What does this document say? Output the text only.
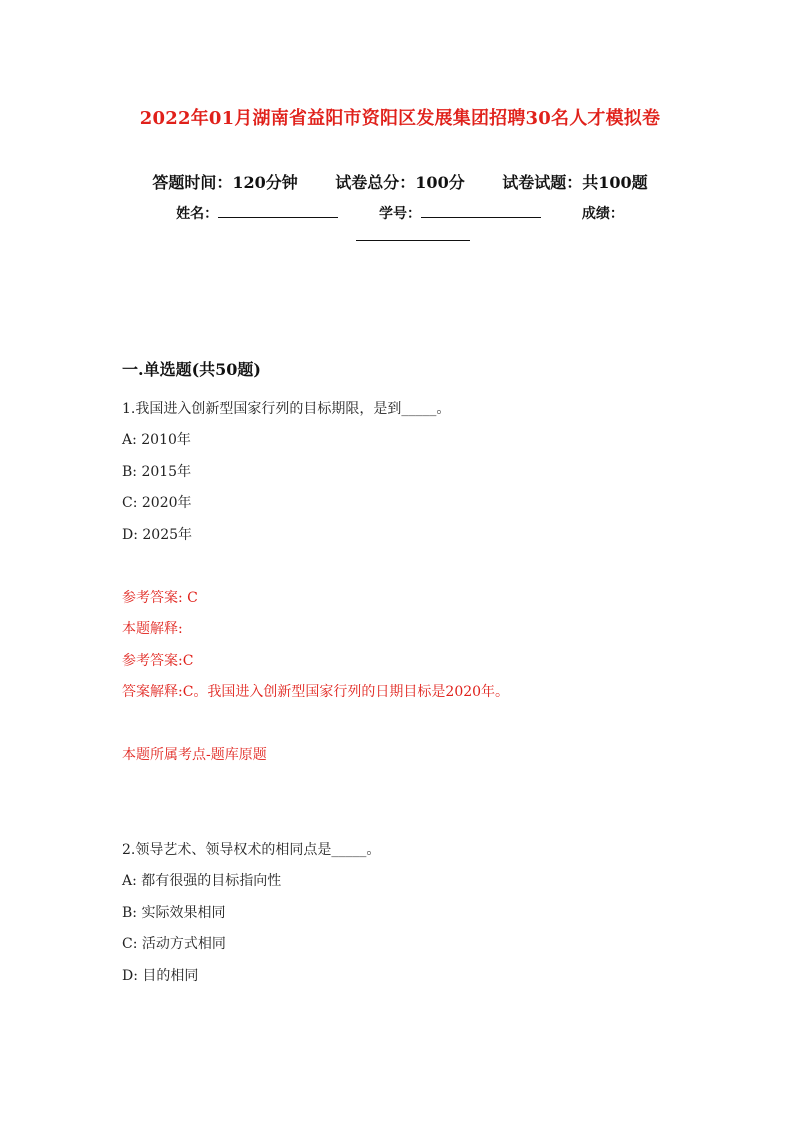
2022年01月湖南省益阳市资阳区发展集团招聘30名人才模拟卷
答题时间：120分钟 试卷总分：100分 试卷试题：共100题
姓名：	学号：	成绩：
一.单选题(共50题)
1.我国进入创新型国家行列的目标期限，是到_____。
A: 2010年
B: 2015年
C: 2020年
D: 2025年
参考答案: C
本题解释:
参考答案:C
答案解释:C。我国进入创新型国家行列的日期目标是2020年。
本题所属考点-题库原题
2.领导艺术、领导权术的相同点是_____。
A: 都有很强的目标指向性
B: 实际效果相同
C: 活动方式相同
D: 目的相同
